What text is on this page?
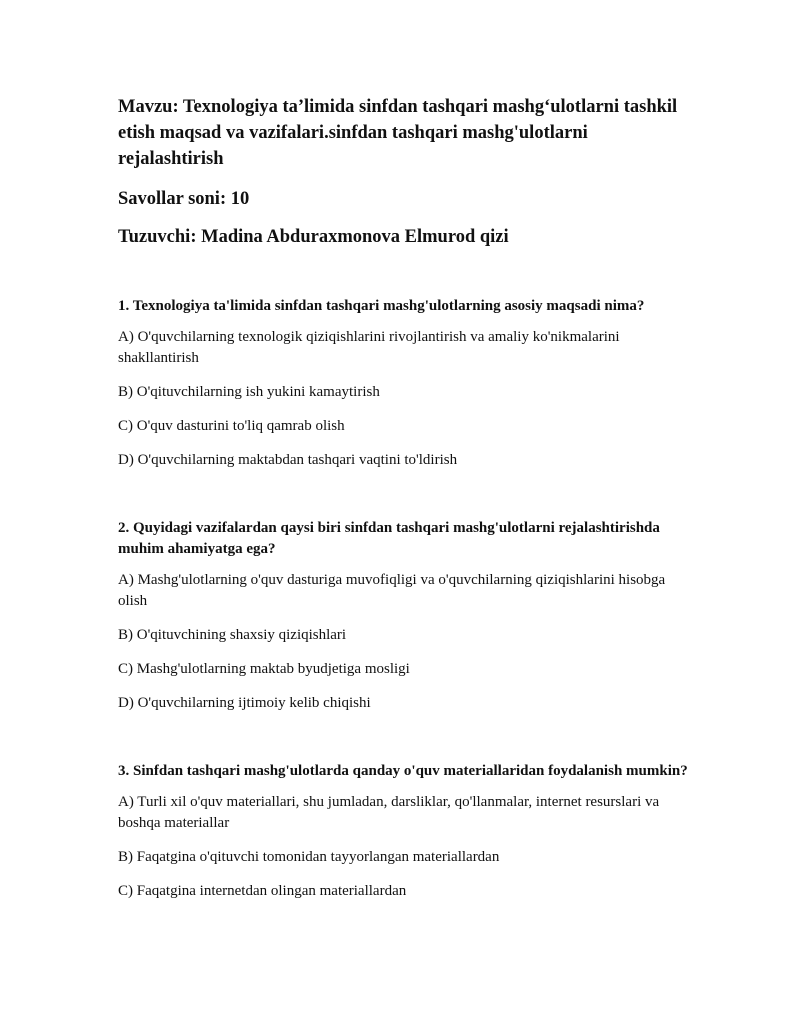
Mavzu: Texnologiya ta’limida sinfdan tashqari mashg‘ulotlarni tashkil etish maqsad va vazifalari.sinfdan tashqari mashg'ulotlarni rejalashtirish

Savollar soni: 10

Tuzuvchi: Madina Abduraxmonova Elmurod qizi

1. Texnologiya ta'limida sinfdan tashqari mashg'ulotlarning asosiy maqsadi nima?

A) O'quvchilarning texnologik qiziqishlarini rivojlantirish va amaliy ko'nikmalarini shakllantirish

B) O'qituvchilarning ish yukini kamaytirish

C) O'quv dasturini to'liq qamrab olish

D) O'quvchilarning maktabdan tashqari vaqtini to'ldirish

2. Quyidagi vazifalardan qaysi biri sinfdan tashqari mashg'ulotlarni rejalashtirishda muhim ahamiyatga ega?

A) Mashg'ulotlarning o'quv dasturiga muvofiqligi va o'quvchilarning qiziqishlarini hisobga olish

B) O'qituvchining shaxsiy qiziqishlari

C) Mashg'ulotlarning maktab byudjetiga mosligi

D) O'quvchilarning ijtimoiy kelib chiqishi

3. Sinfdan tashqari mashg'ulotlarda qanday o'quv materiallaridan foydalanish mumkin?

A) Turli xil o'quv materiallari, shu jumladan, darsliklar, qo'llanmalar, internet resurslari va boshqa materiallar

B) Faqatgina o'qituvchi tomonidan tayyorlangan materiallardan

C) Faqatgina internetdan olingan materiallardan
